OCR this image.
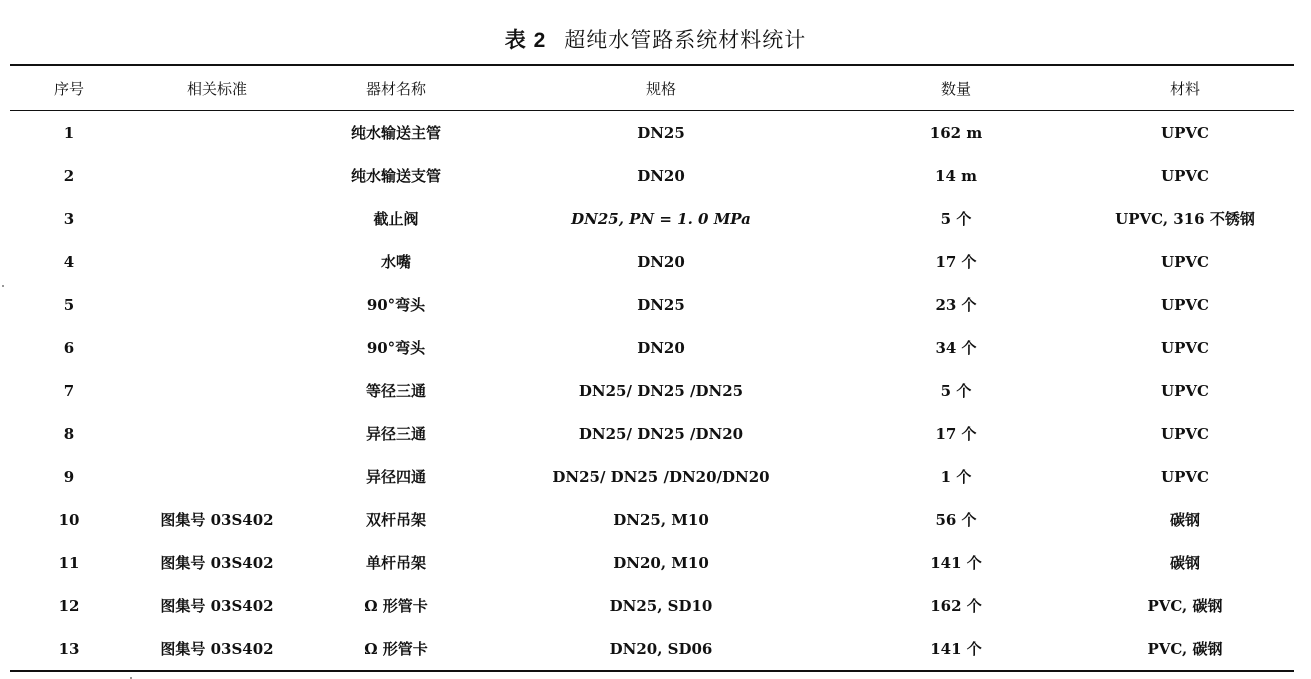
表 2 超纯水管路系统材料统计
序号	相关标准	器材名称	规格	数量	材料
1		纯水输送主管	DN25	162 m	UPVC
2		纯水输送支管	DN20	14 m	UPVC
3		截止阀	DN25, PN = 1. 0 MPa	5 个	UPVC, 316 不锈钢
4		水嘴	DN20	17 个	UPVC
5		90°弯头	DN25	23 个	UPVC
6		90°弯头	DN20	34 个	UPVC
7		等径三通	DN25/ DN25 /DN25	5 个	UPVC
8		异径三通	DN25/ DN25 /DN20	17 个	UPVC
9		异径四通	DN25/ DN25 /DN20/DN20	1 个	UPVC
10	图集号 03S402	双杆吊架	DN25, M10	56 个	碳钢
11	图集号 03S402	单杆吊架	DN20, M10	141 个	碳钢
12	图集号 03S402	Ω 形管卡	DN25, SD10	162 个	PVC, 碳钢
13	图集号 03S402	Ω 形管卡	DN20, SD06	141 个	PVC, 碳钢
